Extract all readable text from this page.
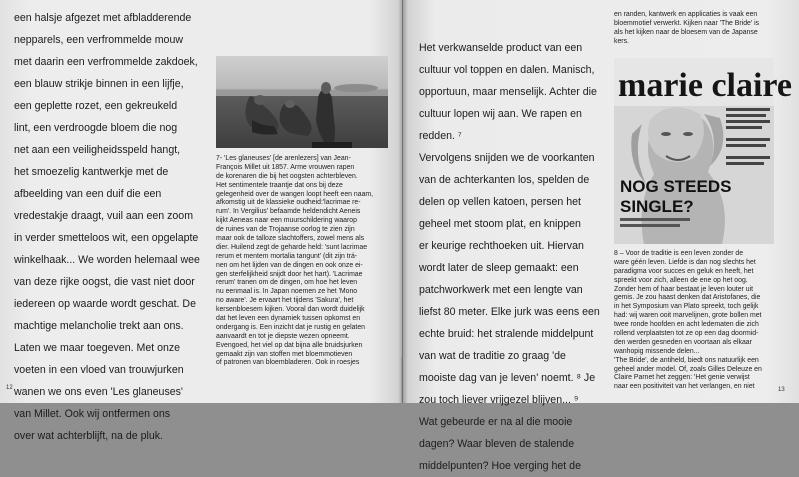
een halsje afgezet met afbladderende
nepparels, een verfrommelde mouw
met daarin een verfrommelde zakdoek,
een blauw strikje binnen in een lijfje,
een geplette rozet, een gekreukeld
lint, een verdroogde bloem die nog
net aan een veiligheidsspeld hangt,
het smoezelig kantwerkje met de
afbeelding van een duif die een
vredestakje draagt, vuil aan een zoom
in verder smetteloos wit, een opgelapte
winkelhaak... We worden helemaal wee
van deze rijke oogst, die vast niet door
iedereen op waarde wordt geschat. De
machtige melancholie trekt aan ons.
Laten we maar toegeven. Met onze
voeten in een vloed van trouwjurken
wanen we ons even 'Les glaneuses'
van Millet. Ook wij ontfermen ons
over wat achterblijft, na de pluk.
7- 'Les glaneuses' [de arenlezers] van Jean-
François Millet uit 1857. Arme vrouwen rapen
de korenaren die bij het oogsten achterbleven.
Het sentimentele traantje dat ons bij deze
gelegenheid over de wangen loopt heeft een naam,
afkomstig uit de klassieke oudheid:'lacrimae re-
rum'. In Vergilius' befaamde heldendicht Aeneis
kijkt Aeneas naar een muurschildering waarop
de ruines van de Trojaanse oorlog te zien zijn
maar ook de talloze slachtoffers, zowel mens als
dier. Huilend zegt de geharde held: 'sunt lacrimae
rerum et mentem mortalia tangunt' (dit zijn trá-
nen om het lijden van de dingen en ook onze ei-
gen sterfelijkheid snijdt door het hart). 'Lacrimae
rerum' tranen om de dingen, om hoe het leven
nu eenmaal is. In Japan noemen ze het 'Mono
no aware'. Je ervaart het tijdens 'Sakura', het
kersenbloesem kijken. Vooral dan wordt duidelijk
dat het leven een dynamiek tussen opkomst en
ondergang is. Een inzicht dat je rustig en gelaten
aanvaardt en tot je diepste wezen opneemt.
Evengoed, het viel op dat bijna alle bruidsjurken
gemaakt zijn van stoffen met bloemmotieven
of patronen van bloembladeren. Ook in roesjes
12
Het verkwanselde product van een
cultuur vol toppen en dalen. Manisch,
opportuun, maar menselijk. Achter die
cultuur lopen wij aan. We rapen en
redden. ⁷
Vervolgens snijden we de voorkanten
van de achterkanten los, spelden de
delen op vellen katoen, persen het
geheel met stoom plat, en knippen
er keurige rechthoeken uit. Hiervan
wordt later de sleep gemaakt: een
patchworkwerk met een lengte van
liefst 80 meter. Elke jurk was eens een
echte bruid: het stralende middelpunt
van wat de traditie zo graag 'de
mooiste dag van je leven' noemt. ⁸ Je
zou toch liever vrijgezel blijven... ⁹
Wat gebeurde er na al die mooie
dagen? Waar bleven de stalende
middelpunten? Hoe verging het de
13
en randen, kantwerk en applicaties is vaak een
bloemmotief verwerkt. Kijken naar 'The Bride' is
als het kijken naar de bloesem van de Japanse
kers.
marie claire
NOG STEEDS
SINGLE?
8 – Voor de traditie is een leven zonder de
ware géén leven. Liefde is dan nog slechts het
paradigma voor succes en geluk en heeft, het
spreekt voor zich, alleen de ene op het oog.
Zonder hem of haar bestaat je leven louter uit
gemis. Je zou haast denken dat Aristofanes, die
in het Symposium van Plato spreekt, toch gelijk
had: wij waren ooit marvelijnen, grote bollen met
twee ronde hoofden en acht ledematen die zich
rollend verplaatsten tot ze op een dag doormid-
den werden gesneden en voortaan als elkaar
wanhopig missende delen...
'The Bride', de antiheld, biedt ons natuurlijk een
geheel ander model. Of, zoals Gilles Deleuze en
Claire Parnet het zeggen: 'Het genie verwijst
naar een positiviteit van het verlangen, en niet
